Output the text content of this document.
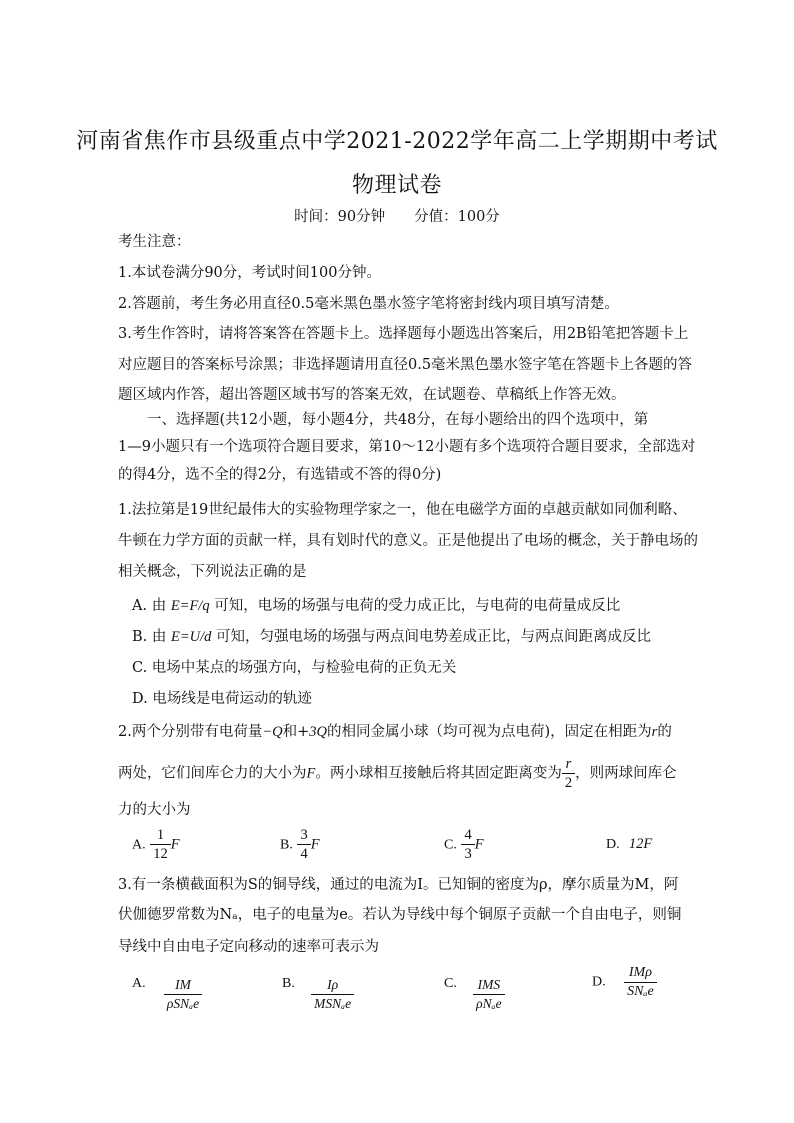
河南省焦作市县级重点中学2021-2022学年高二上学期期中考试
物理试卷
时间：90分钟　　分值：100分
考生注意：
1.本试卷满分90分，考试时间100分钟。
2.答题前，考生务必用直径0.5毫米黑色墨水签字笔将密封线内项目填写清楚。
3.考生作答时，请将答案答在答题卡上。选择题每小题选出答案后，用2B铅笔把答题卡上
对应题目的答案标号涂黑；非选择题请用直径0.5毫米黑色墨水签字笔在答题卡上各题的答
题区域内作答，超出答题区域书写的答案无效，在试题卷、草稿纸上作答无效。
　　一、选择题(共12小题，每小题4分，共48分，在每小题给出的四个选项中，第
1—9小题只有一个选项符合题目要求，第10～12小题有多个选项符合题目要求，全部选对
的得4分，选不全的得2分，有选错或不答的得0分)
1.法拉第是19世纪最伟大的实验物理学家之一，他在电磁学方面的卓越贡献如同伽利略、
牛顿在力学方面的贡献一样，具有划时代的意义。正是他提出了电场的概念，关于静电场的
相关概念，下列说法正确的是
A. 由 E=F/q 可知，电场的场强与电荷的受力成正比，与电荷的电荷量成反比
B. 由 E=U/d 可知，匀强电场的场强与两点间电势差成正比，与两点间距离成反比
C. 电场中某点的场强方向，与检验电荷的正负无关
D. 电场线是电荷运动的轨迹
2.两个分别带有电荷量−Q和+3Q的相同金属小球（均可视为点电荷)，固定在相距为r的
两处，它们间库仑力的大小为F。两小球相互接触后将其固定距离变为 $\frac{r}{2}$ ，则两球间库仑
力的大小为
A. $\frac{1}{12}$ F	B. $\frac{3}{4}$ F	C. $\frac{4}{3}$ F	D. 12F
3.有一条横截面积为S的铜导线，通过的电流为I。已知铜的密度为ρ，摩尔质量为M，阿
伏伽德罗常数为Nₐ，电子的电量为e。若认为导线中每个铜原子贡献一个自由电子，则铜
导线中自由电子定向移动的速率可表示为
A. $\frac{IM}{\text{ρSNₐe}}$	B. $\frac{I\rho}{\text{MSNₐe}}$	C. $\frac{\text{IMS}}{\text{ρNₐe}}$	D. $\frac{\text{IMρ}}{\text{SNₐe}}$
